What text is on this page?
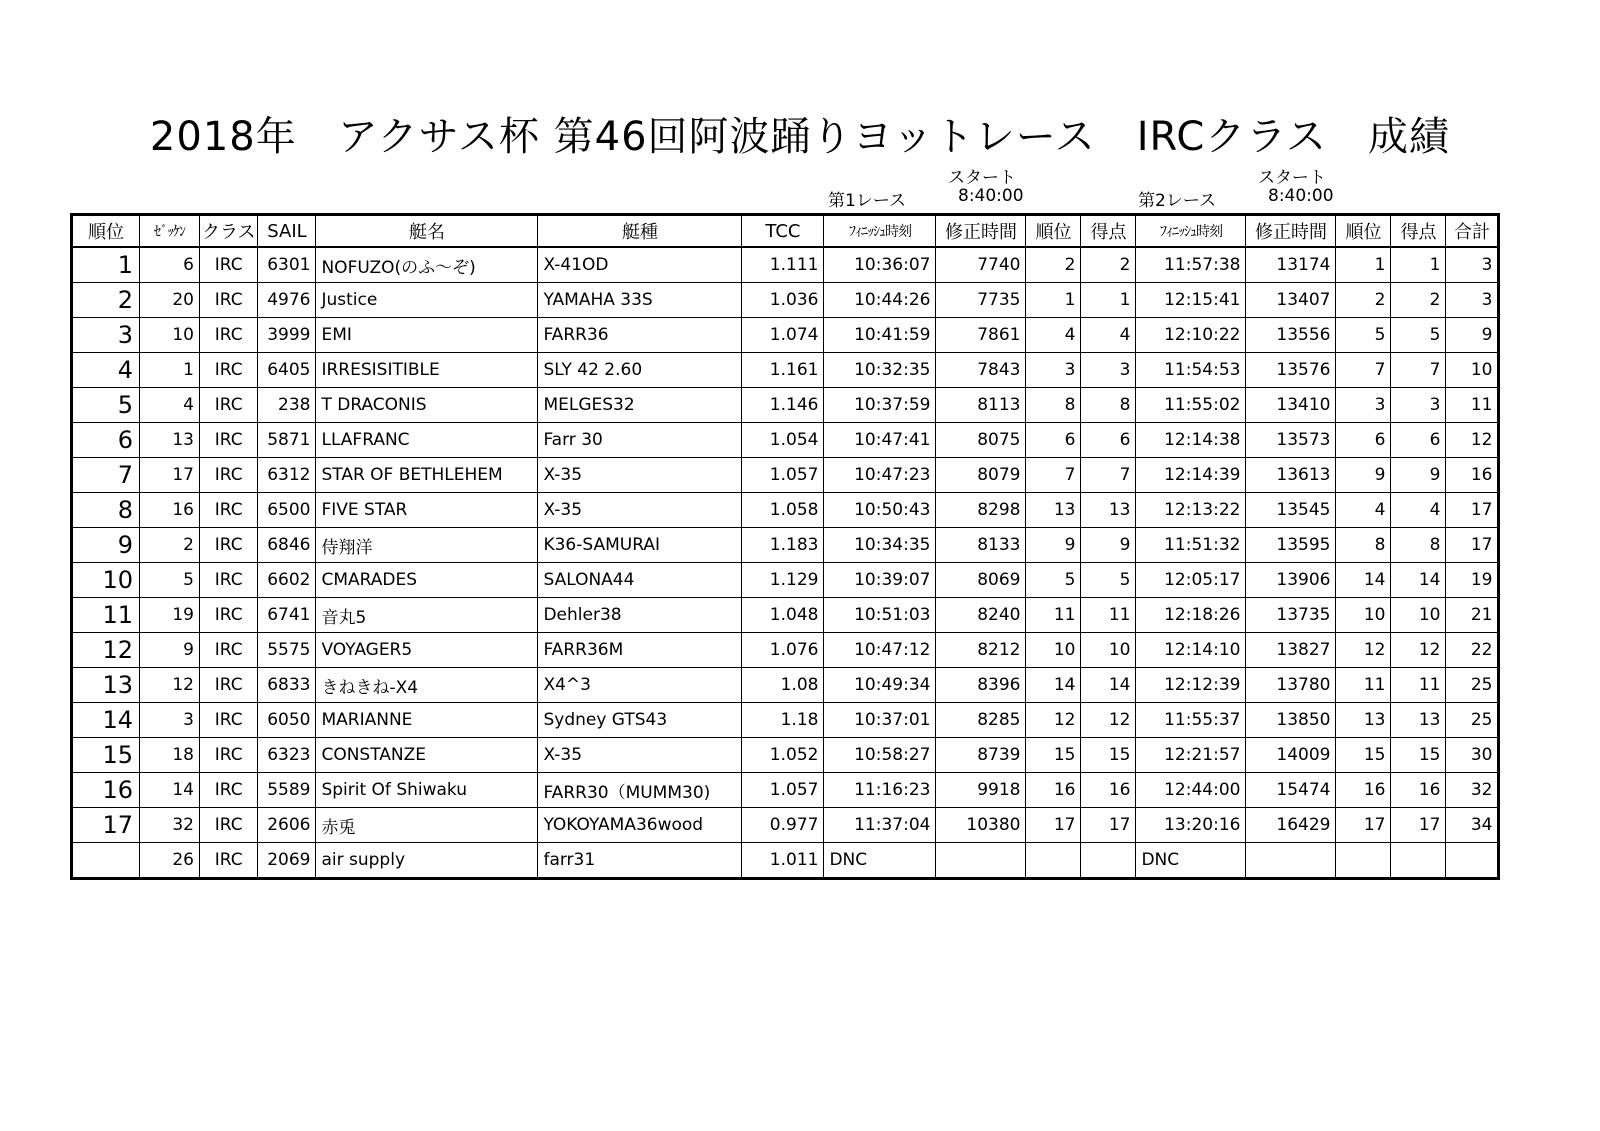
2018年　アクサス杯 第46回阿波踊りヨットレース　IRCクラス　成績
スタート
第1レース	8:40:00
スタート
第2レース	8:40:00
順位	ｾﾞｯｹﾝ	クラス	SAIL	艇名	艇種	TCC	ﾌｨﾆｯｼｭ時刻	修正時間	順位	得点	ﾌｨﾆｯｼｭ時刻	修正時間	順位	得点	合計
1	6	IRC	6301	NOFUZO(のふ～ぞ)	X-41OD	1.111	10:36:07	7740	2	2	11:57:38	13174	1	1	3
2	20	IRC	4976	Justice	YAMAHA 33S	1.036	10:44:26	7735	1	1	12:15:41	13407	2	2	3
3	10	IRC	3999	EMI	FARR36	1.074	10:41:59	7861	4	4	12:10:22	13556	5	5	9
4	1	IRC	6405	IRRESISITIBLE	SLY 42 2.60	1.161	10:32:35	7843	3	3	11:54:53	13576	7	7	10
5	4	IRC	238	T DRACONIS	MELGES32	1.146	10:37:59	8113	8	8	11:55:02	13410	3	3	11
6	13	IRC	5871	LLAFRANC	Farr 30	1.054	10:47:41	8075	6	6	12:14:38	13573	6	6	12
7	17	IRC	6312	STAR OF BETHLEHEM	X-35	1.057	10:47:23	8079	7	7	12:14:39	13613	9	9	16
8	16	IRC	6500	FIVE STAR	X-35	1.058	10:50:43	8298	13	13	12:13:22	13545	4	4	17
9	2	IRC	6846	侍翔洋	K36-SAMURAI	1.183	10:34:35	8133	9	9	11:51:32	13595	8	8	17
10	5	IRC	6602	CMARADES	SALONA44	1.129	10:39:07	8069	5	5	12:05:17	13906	14	14	19
11	19	IRC	6741	音丸5	Dehler38	1.048	10:51:03	8240	11	11	12:18:26	13735	10	10	21
12	9	IRC	5575	VOYAGER5	FARR36M	1.076	10:47:12	8212	10	10	12:14:10	13827	12	12	22
13	12	IRC	6833	きねきね-X4	X4^3	1.08	10:49:34	8396	14	14	12:12:39	13780	11	11	25
14	3	IRC	6050	MARIANNE	Sydney GTS43	1.18	10:37:01	8285	12	12	11:55:37	13850	13	13	25
15	18	IRC	6323	CONSTANZE	X-35	1.052	10:58:27	8739	15	15	12:21:57	14009	15	15	30
16	14	IRC	5589	Spirit Of Shiwaku	FARR30（MUMM30)	1.057	11:16:23	9918	16	16	12:44:00	15474	16	16	32
17	32	IRC	2606	赤兎	YOKOYAMA36wood	0.977	11:37:04	10380	17	17	13:20:16	16429	17	17	34
	26	IRC	2069	air supply	farr31	1.011	DNC				DNC				
